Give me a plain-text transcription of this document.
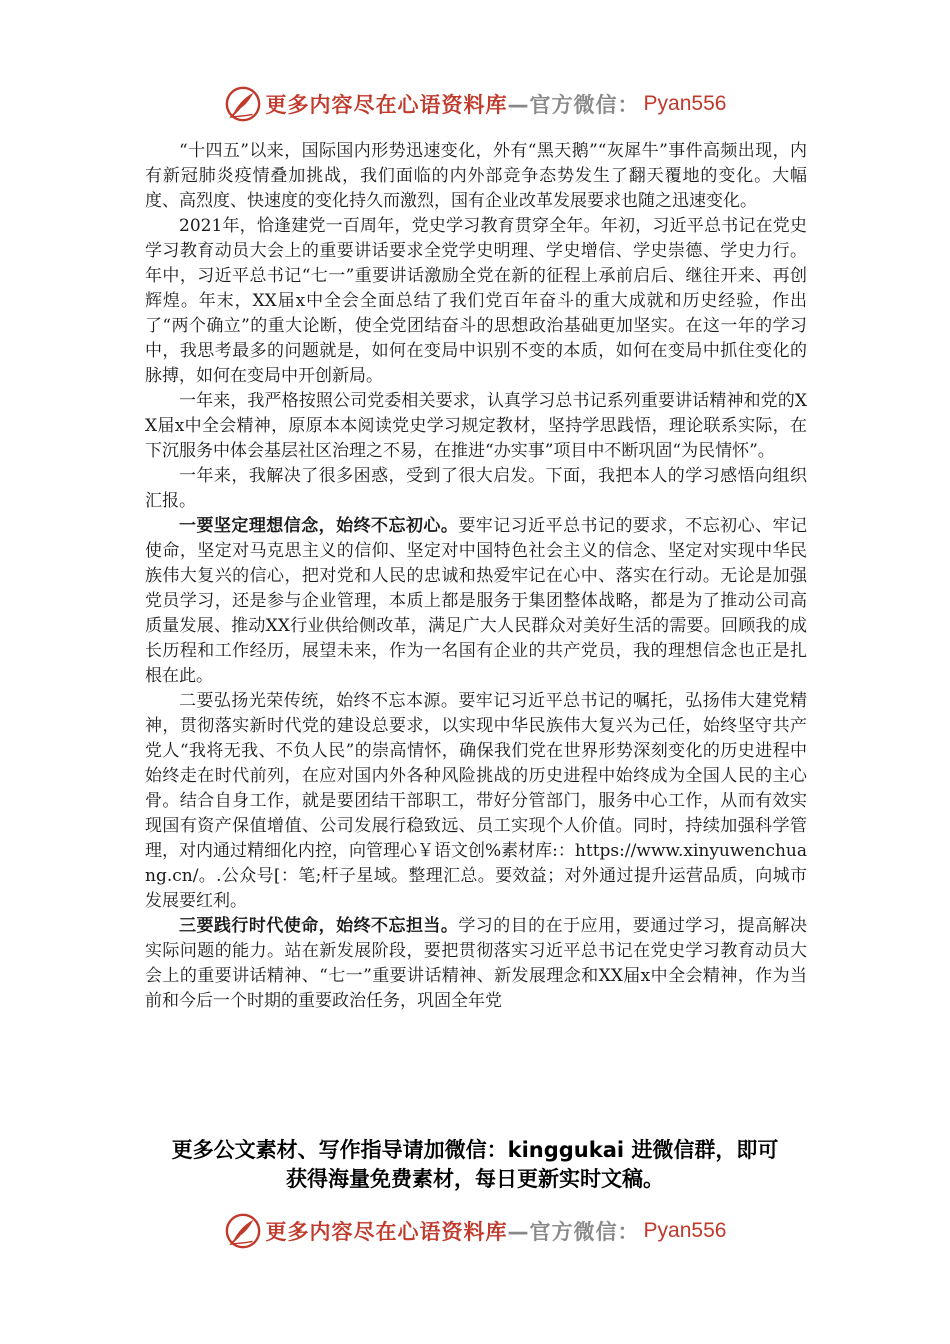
更多内容尽在心语资料库 —官方微信： Pyan556

“十四五”以来，国际国内形势迅速变化，外有“黑天鹅”“灰犀牛”事件高频出现，内有新冠肺炎疫情叠加挑战，我们面临的内外部竞争态势发生了翻天覆地的变化。大幅度、高烈度、快速度的变化持久而激烈，国有企业改革发展要求也随之迅速变化。

2021年，恰逢建党一百周年，党史学习教育贯穿全年。年初，习近平总书记在党史学习教育动员大会上的重要讲话要求全党学史明理、学史增信、学史崇德、学史力行。年中，习近平总书记“七一”重要讲话激励全党在新的征程上承前启后、继往开来、再创辉煌。年末，XX届x中全会全面总结了我们党百年奋斗的重大成就和历史经验，作出了“两个确立”的重大论断，使全党团结奋斗的思想政治基础更加坚实。在这一年的学习中，我思考最多的问题就是，如何在变局中识别不变的本质，如何在变局中抓住变化的脉搏，如何在变局中开创新局。

一年来，我严格按照公司党委相关要求，认真学习总书记系列重要讲话精神和党的XX届x中全会精神，原原本本阅读党史学习规定教材，坚持学思践悟，理论联系实际，在下沉服务中体会基层社区治理之不易，在推进“办实事”项目中不断巩固“为民情怀”。

一年来，我解决了很多困惑，受到了很大启发。下面，我把本人的学习感悟向组织汇报。

一要坚定理想信念，始终不忘初心。要牢记习近平总书记的要求，不忘初心、牢记使命，坚定对马克思主义的信仰、坚定对中国特色社会主义的信念、坚定对实现中华民族伟大复兴的信心，把对党和人民的忠诚和热爱牢记在心中、落实在行动。无论是加强党员学习，还是参与企业管理，本质上都是服务于集团整体战略，都是为了推动公司高质量发展、推动XX行业供给侧改革，满足广大人民群众对美好生活的需要。回顾我的成长历程和工作经历，展望未来，作为一名国有企业的共产党员，我的理想信念也正是扎根在此。

二要弘扬光荣传统，始终不忘本源。要牢记习近平总书记的嘱托，弘扬伟大建党精神，贯彻落实新时代党的建设总要求，以实现中华民族伟大复兴为己任，始终坚守共产党人“我将无我、不负人民”的崇高情怀，确保我们党在世界形势深刻变化的历史进程中始终走在时代前列，在应对国内外各种风险挑战的历史进程中始终成为全国人民的主心骨。结合自身工作，就是要团结干部职工，带好分管部门，服务中心工作，从而有效实现国有资产保值增值、公司发展行稳致远、员工实现个人价值。同时，持续加强科学管理，对内通过精细化内控，向管理心￥语文创%素材库:：https://www.xinyuwenchuang.cn/。.公众号[：笔;杆子星域。整理汇总。要效益；对外通过提升运营品质，向城市发展要红利。

三要践行时代使命，始终不忘担当。学习的目的在于应用，要通过学习，提高解决实际问题的能力。站在新发展阶段，要把贯彻落实习近平总书记在党史学习教育动员大会上的重要讲话精神、“七一”重要讲话精神、新发展理念和XX届x中全会精神，作为当前和今后一个时期的重要政治任务，巩固全年党

更多公文素材、写作指导请加微信：kinggukai 进微信群，即可
获得海量免费素材，每日更新实时文稿。
更多内容尽在心语资料库 —官方微信： Pyan556
